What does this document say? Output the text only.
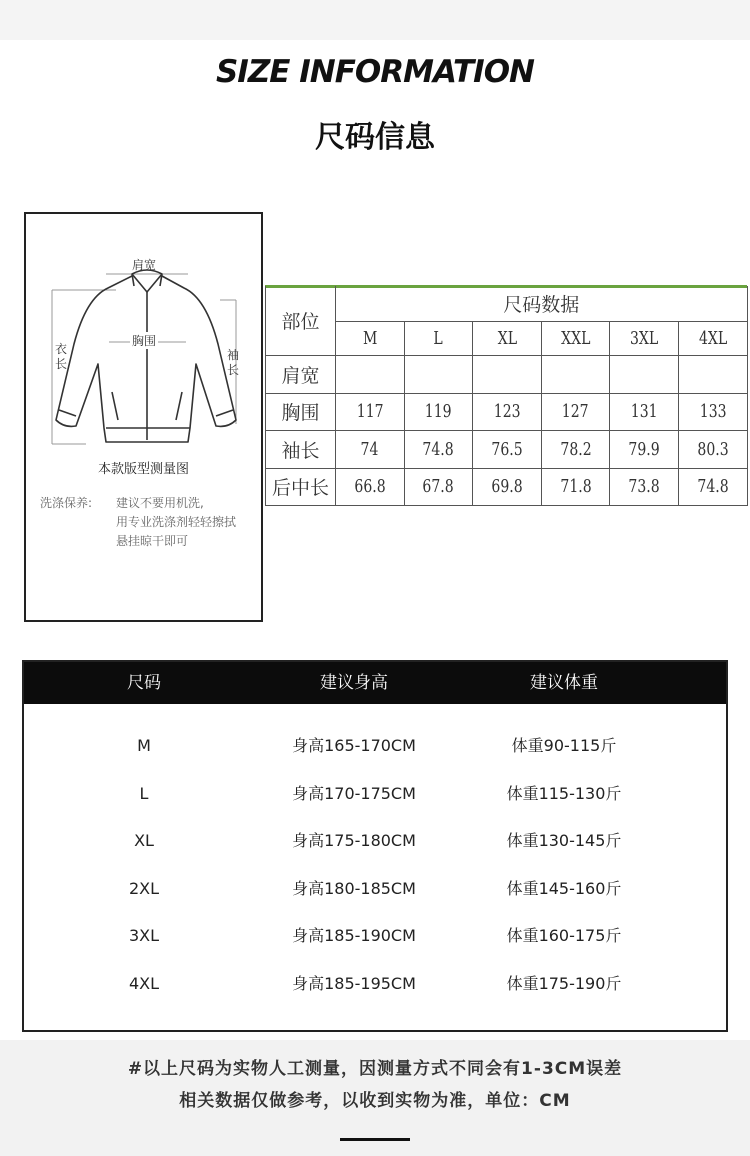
SIZE INFORMATION
尺码信息
肩宽
胸围
衣长
袖长
本款版型测量图
洗涤保养: 建议不要用机洗,
用专业洗涤剂轻轻擦拭
悬挂晾干即可
部位
尺码数据
M	L	XL XXL 3XL 4XL
肩宽
胸围 117 119 123 127 131 133
袖长 74 74.8 76.5 78.2 79.9 80.3
后中长 66.8 67.8 69.8 71.8 73.8 74.8
尺码	建议身高	建议体重
M	身高165-170CM	体重90-115斤
L	身高170-175CM	体重115-130斤
XL	身高175-180CM	体重130-145斤
2XL	身高180-185CM	体重145-160斤
3XL	身高185-190CM	体重160-175斤
4XL	身高185-195CM	体重175-190斤
#以上尺码为实物人工测量，因测量方式不同会有1-3CM误差
相关数据仅做参考，以收到实物为准，单位：CM
